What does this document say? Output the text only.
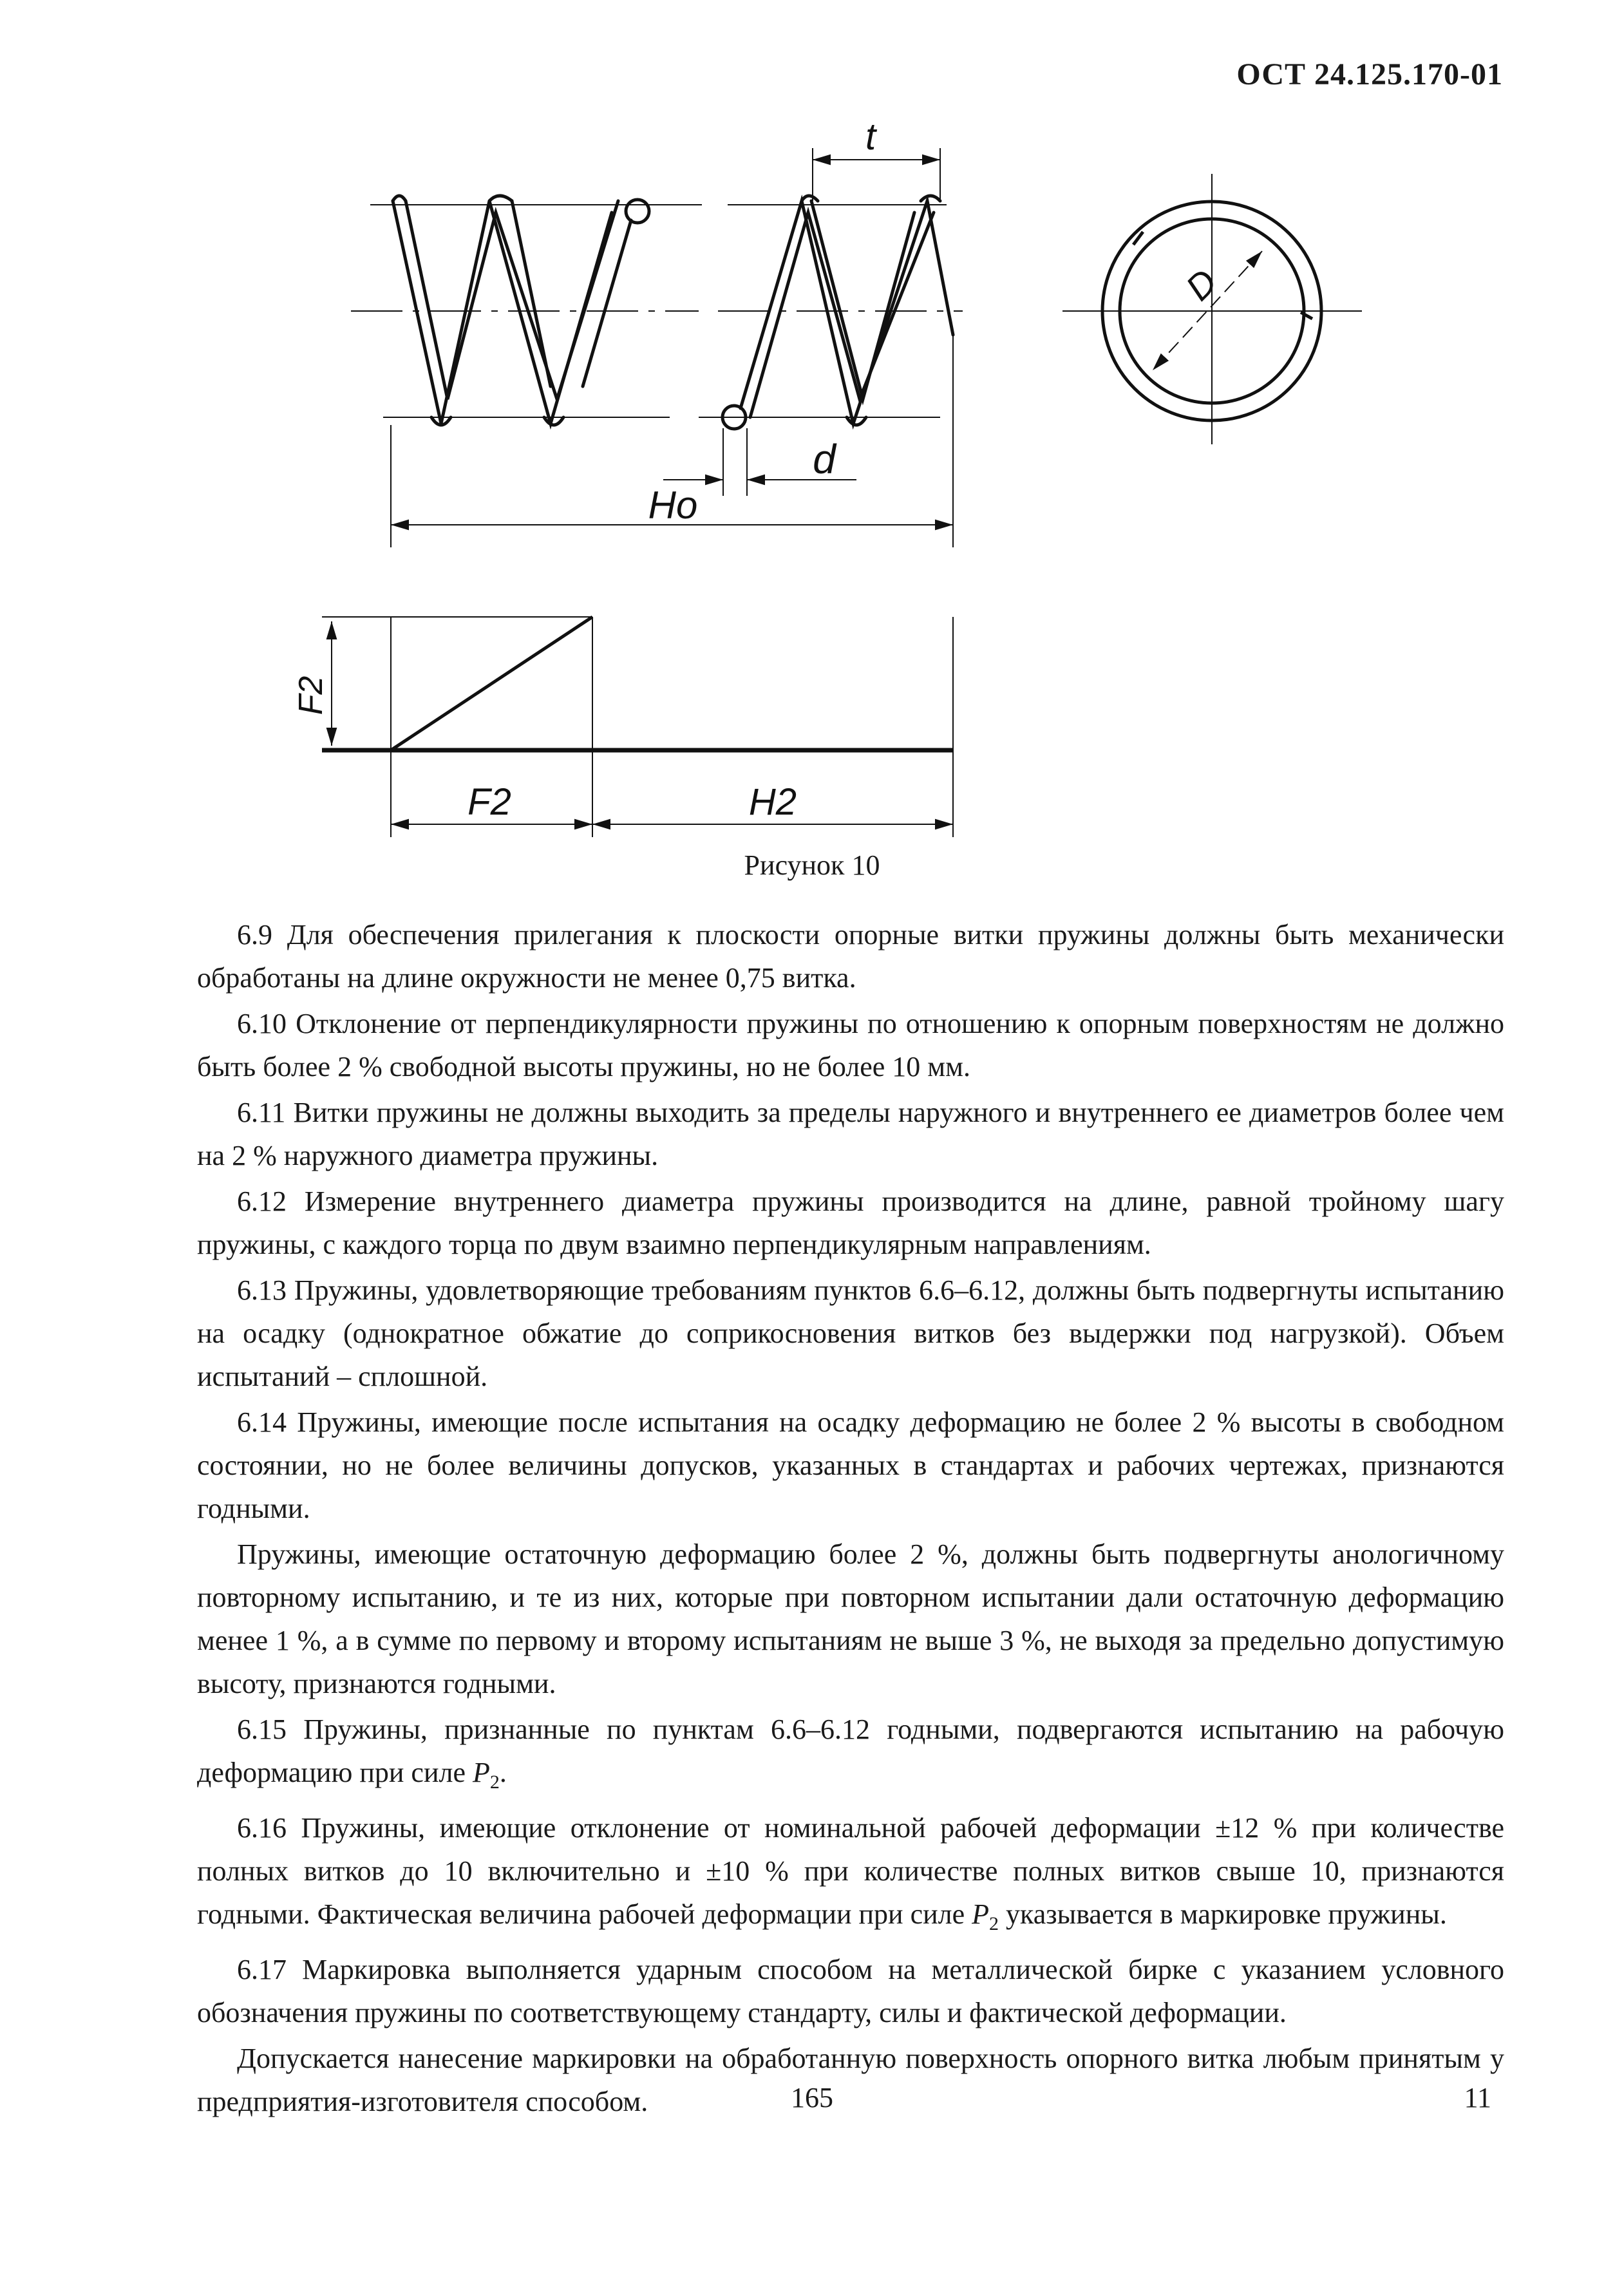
ОСТ 24.125.170-01
t
d
Ho
D
F2
F2	H2
Рисунок 10

6.9 Для обеспечения прилегания к плоскости опорные витки пружины должны быть механически обработаны на длине окружности не менее 0,75 витка.

6.10 Отклонение от перпендикулярности пружины по отношению к опорным поверхностям не должно быть более 2 % свободной высоты пружины, но не более 10 мм.

6.11 Витки пружины не должны выходить за пределы наружного и внутреннего ее диаметров более чем на 2 % наружного диаметра пружины.

6.12 Измерение внутреннего диаметра пружины производится на длине, равной тройному шагу пружины, с каждого торца по двум взаимно перпендикулярным направлениям.

6.13 Пружины, удовлетворяющие требованиям пунктов 6.6–6.12, должны быть подвергнуты испытанию на осадку (однократное обжатие до соприкосновения витков без выдержки под нагрузкой). Объем испытаний – сплошной.

6.14 Пружины, имеющие после испытания на осадку деформацию не более 2 % высоты в свободном состоянии, но не более величины допусков, указанных в стандартах и рабочих чертежах, признаются годными.

Пружины, имеющие остаточную деформацию более 2 %, должны быть подвергнуты анологичному повторному испытанию, и те из них, которые при повторном испытании дали остаточную деформацию менее 1 %, а в сумме по первому и второму испытаниям не выше 3 %, не выходя за предельно допустимую высоту, признаются годными.

6.15 Пружины, признанные по пунктам 6.6–6.12 годными, подвергаются испытанию на рабочую деформацию при силе $P_2$.

6.16 Пружины, имеющие отклонение от номинальной рабочей деформации ±12 % при количестве полных витков до 10 включительно и ±10 % при количестве полных витков свыше 10, признаются годными. Фактическая величина рабочей деформации при силе $P_2$ указывается в маркировке пружины.

6.17 Маркировка выполняется ударным способом на металлической бирке с указанием условного обозначения пружины по соответствующему стандарту, силы и фактической деформации.

Допускается нанесение маркировки на обработанную поверхность опорного витка любым принятым у предприятия-изготовителя способом.	165	11
